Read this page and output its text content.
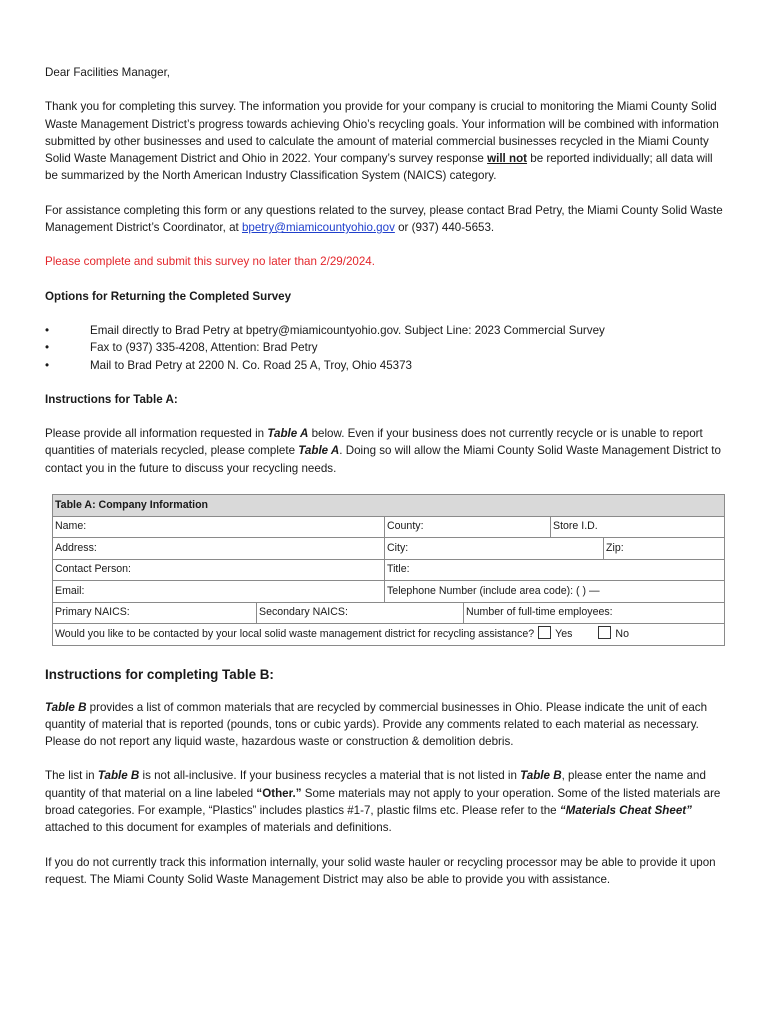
Dear Facilities Manager,

Thank you for completing this survey. The information you provide for your company is crucial to monitoring the Miami County Solid Waste Management District’s progress towards achieving Ohio’s recycling goals. Your information will be combined with information submitted by other businesses and used to calculate the amount of material commercial businesses recycled in the Miami County Solid Waste Management District and Ohio in 2022. Your company’s survey response will not be reported individually; all data will be summarized by the North American Industry Classification System (NAICS) category.

For assistance completing this form or any questions related to the survey, please contact Brad Petry, the Miami County Solid Waste Management District’s Coordinator, at bpetry@miamicountyohio.gov or (937) 440-5653.

Please complete and submit this survey no later than 2/29/2024.

Options for Returning the Completed Survey

•	Email directly to Brad Petry at bpetry@miamicountyohio.gov. Subject Line: 2023 Commercial Survey
•	Fax to (937) 335-4208, Attention: Brad Petry
•	Mail to Brad Petry at 2200 N. Co. Road 25 A, Troy, Ohio 45373

Instructions for Table A:

Please provide all information requested in Table A below. Even if your business does not currently recycle or is unable to report quantities of materials recycled, please complete Table A. Doing so will allow the Miami County Solid Waste Management District to contact you in the future to discuss your recycling needs.

Table A: Company Information					
Name:		County:		Store I.D.	
Address:		City:			Zip:
Contact Person:		Title:			
Email:		Telephone Number (include area code): ( ) —			
Primary NAICS:	Secondary NAICS:		Number of full-time employees:		
Would you like to be contacted by your local solid waste management district for recycling assistance? Yes No					

Instructions for completing Table B:

Table B provides a list of common materials that are recycled by commercial businesses in Ohio. Please indicate the unit of each quantity of material that is reported (pounds, tons or cubic yards). Provide any comments related to each material as necessary. Please do not report any liquid waste, hazardous waste or construction & demolition debris.

The list in Table B is not all-inclusive. If your business recycles a material that is not listed in Table B, please enter the name and quantity of that material on a line labeled “Other.” Some materials may not apply to your operation. Some of the listed materials are broad categories. For example, “Plastics” includes plastics #1-7, plastic films etc. Please refer to the “Materials Cheat Sheet” attached to this document for examples of materials and definitions.

If you do not currently track this information internally, your solid waste hauler or recycling processor may be able to provide it upon request. The Miami County Solid Waste Management District may also be able to provide you with assistance.
